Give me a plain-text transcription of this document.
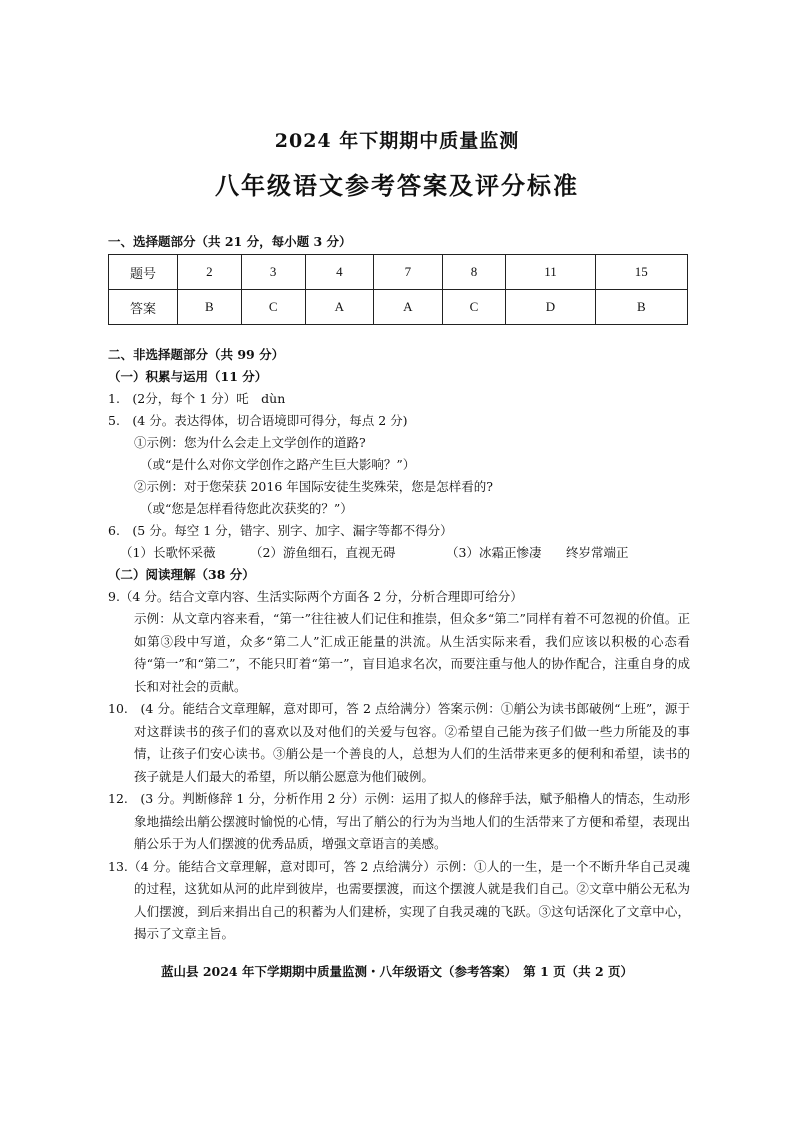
2024 年下期期中质量监测
八年级语文参考答案及评分标准
一、选择题部分（共 21 分，每小题 3 分）
题号	2	3	4	7	8	11	15
答案	B	C	A	A	C	D	B
二、非选择题部分（共 99 分）
（一）积累与运用（11 分）
1.　(2分，每个 1 分）吒　dùn
5.　(4 分。表达得体，切合语境即可得分，每点 2 分)
①示例：您为什么会走上文学创作的道路?
（或“是什么对你文学创作之路产生巨大影响？”）
②示例：对于您荣获 2016 年国际安徒生奖殊荣，您是怎样看的?
（或“您是怎样看待您此次获奖的？”）
6.　(5 分。每空 1 分，错字、别字、加字、漏字等都不得分）
（1）长歌怀采薇	（2）游鱼细石，直视无碍	（3）冰霜正惨凄 终岁常端正
（二）阅读理解（38 分）
9.（4 分。结合文章内容、生活实际两个方面各 2 分，分析合理即可给分）
示例：从文章内容来看，“第一”往往被人们记住和推崇，但众多“第二”同样有着不可忽视的价值。正如第③段中写道，众多“第二人”汇成正能量的洪流。从生活实际来看，我们应该以积极的心态看待“第一”和“第二”，不能只盯着“第一”，盲目追求名次，而要注重与他人的协作配合，注重自身的成长和对社会的贡献。
10.　(4 分。能结合文章理解，意对即可，答 2 点给满分）答案示例：①艄公为读书郎破例“上班”，源于对这群读书的孩子们的喜欢以及对他们的关爱与包容。②希望自己能为孩子们做一些力所能及的事情，让孩子们安心读书。③艄公是一个善良的人，总想为人们的生活带来更多的便利和希望，读书的孩子就是人们最大的希望，所以艄公愿意为他们破例。
12.　(3 分。判断修辞 1 分，分析作用 2 分）示例：运用了拟人的修辞手法，赋予船橹人的情态，生动形象地描绘出艄公摆渡时愉悦的心情，写出了艄公的行为为当地人们的生活带来了方便和希望，表现出艄公乐于为人们摆渡的优秀品质，增强文章语言的美感。
13.（4 分。能结合文章理解，意对即可，答 2 点给满分）示例：①人的一生，是一个不断升华自己灵魂的过程，这犹如从河的此岸到彼岸，也需要摆渡，而这个摆渡人就是我们自己。②文章中艄公无私为人们摆渡，到后来捐出自己的积蓄为人们建桥，实现了自我灵魂的飞跃。③这句话深化了文章中心，揭示了文章主旨。
蓝山县 2024 年下学期期中质量监测・八年级语文（参考答案）　第 1 页（共 2 页）
